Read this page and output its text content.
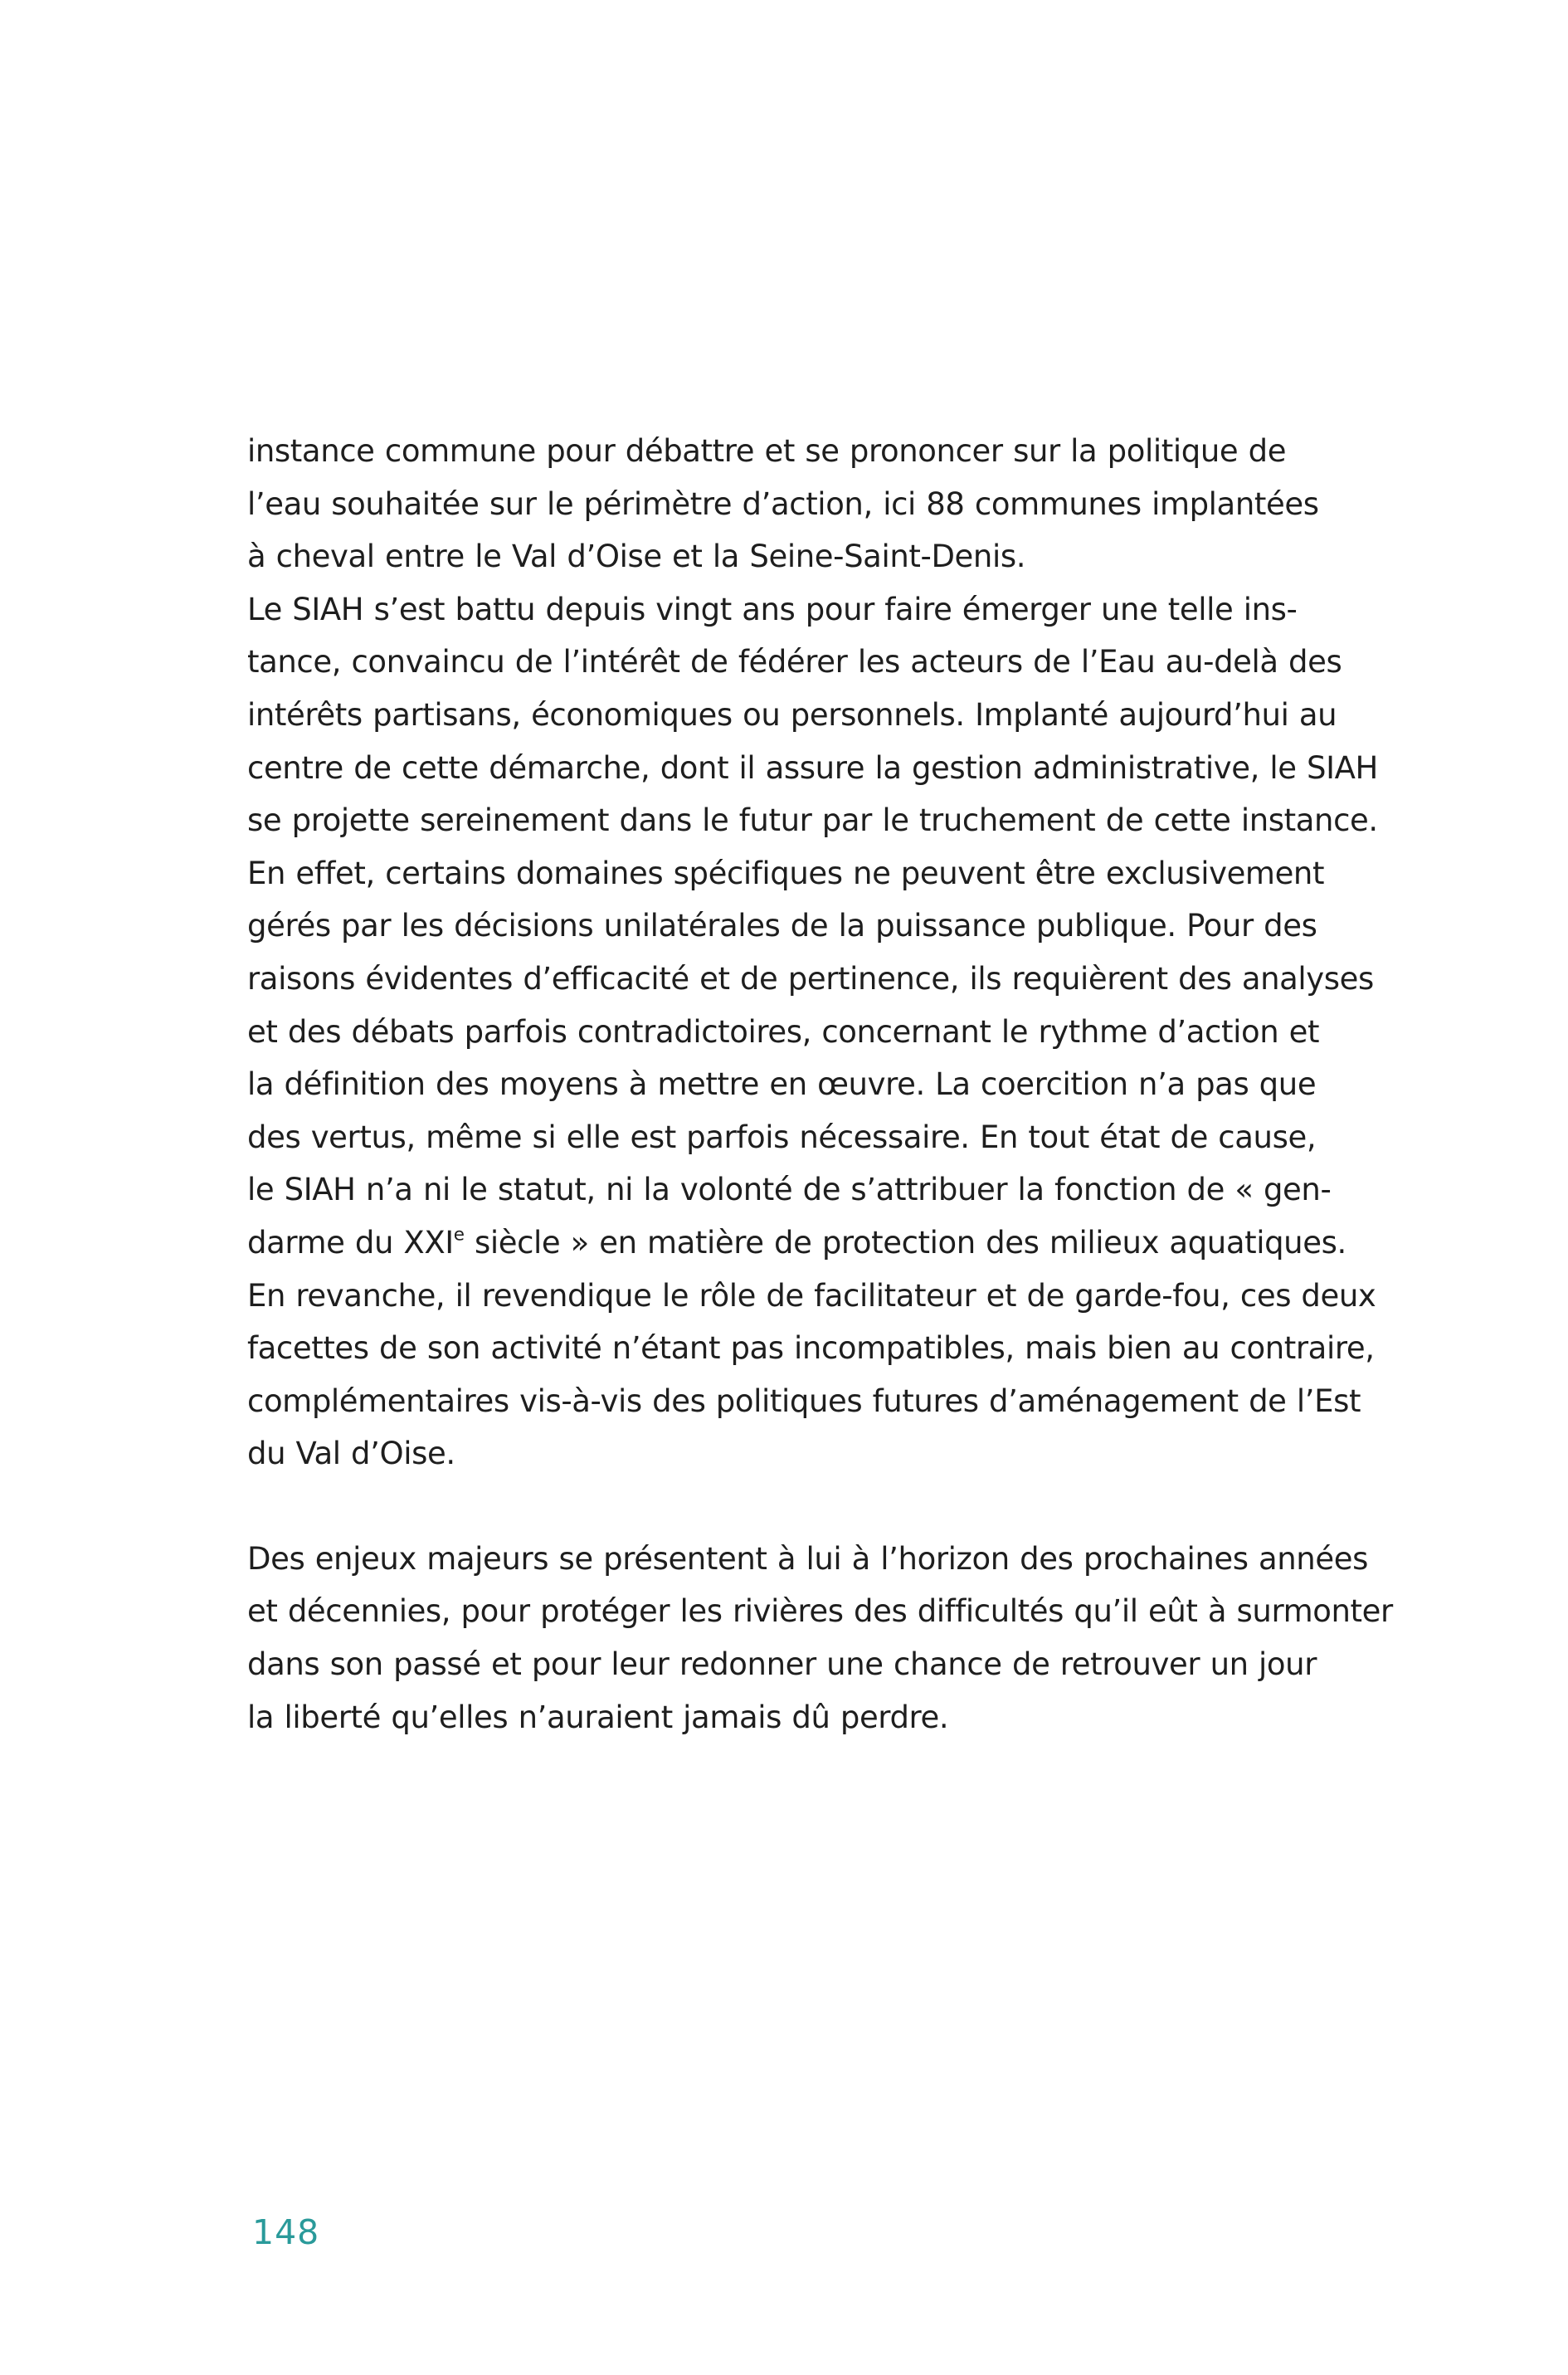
instance commune pour débattre et se prononcer sur la politique de
l’eau souhaitée sur le périmètre d’action, ici 88 communes implantées
à cheval entre le Val d’Oise et la Seine-Saint-Denis.
Le SIAH s’est battu depuis vingt ans pour faire émerger une telle ins-
tance, convaincu de l’intérêt de fédérer les acteurs de l’Eau au-delà des
intérêts partisans, économiques ou personnels. Implanté aujourd’hui au
centre de cette démarche, dont il assure la gestion administrative, le SIAH
se projette sereinement dans le futur par le truchement de cette instance.
En effet, certains domaines spécifiques ne peuvent être exclusivement
gérés par les décisions unilatérales de la puissance publique. Pour des
raisons évidentes d’efficacité et de pertinence, ils requièrent des analyses
et des débats parfois contradictoires, concernant le rythme d’action et
la définition des moyens à mettre en œuvre. La coercition n’a pas que
des vertus, même si elle est parfois nécessaire. En tout état de cause,
le SIAH n’a ni le statut, ni la volonté de s’attribuer la fonction de « gen-
darme du XXIe siècle » en matière de protection des milieux aquatiques.
En revanche, il revendique le rôle de facilitateur et de garde-fou, ces deux
facettes de son activité n’étant pas incompatibles, mais bien au contraire,
complémentaires vis-à-vis des politiques futures d’aménagement de l’Est
du Val d’Oise.
Des enjeux majeurs se présentent à lui à l’horizon des prochaines années
et décennies, pour protéger les rivières des difficultés qu’il eût à surmonter
dans son passé et pour leur redonner une chance de retrouver un jour
la liberté qu’elles n’auraient jamais dû perdre.
148
